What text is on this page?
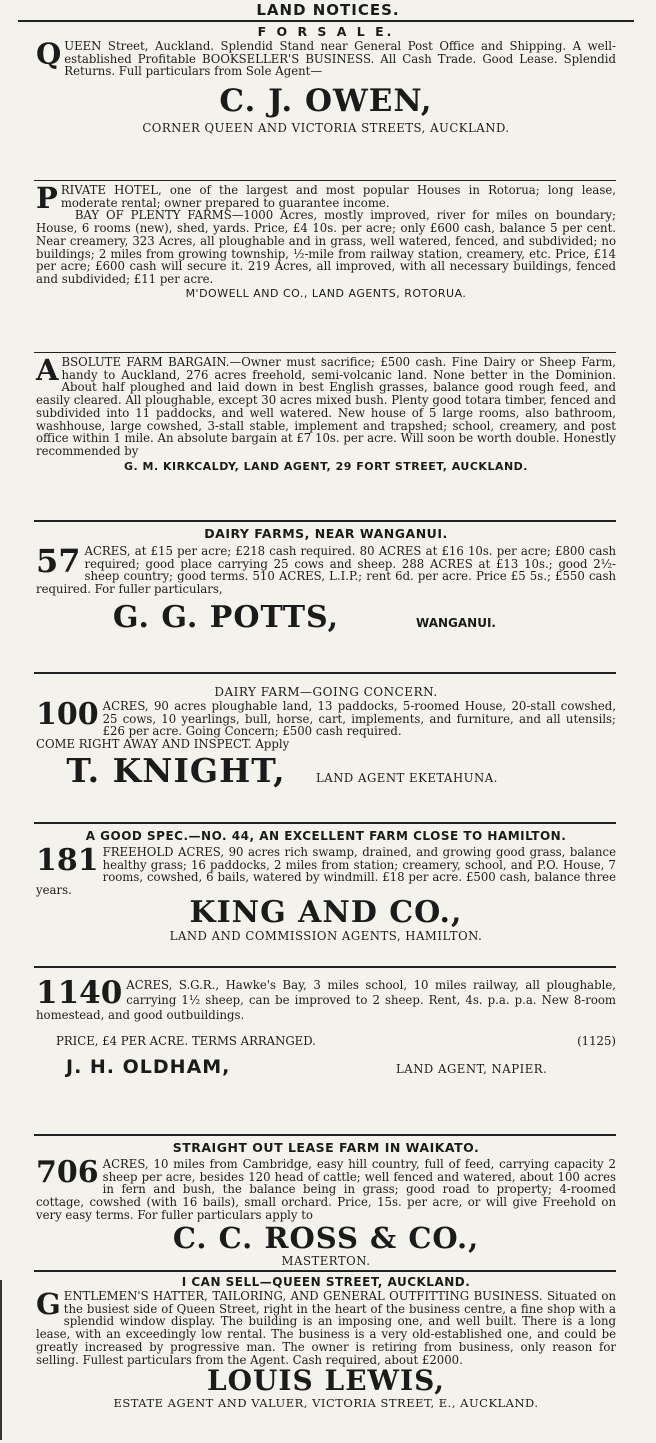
LAND NOTICES.
F O R S A L E.
QUEEN Street, Auckland. Splendid Stand near General Post Office and Shipping. A well-established Profitable BOOKSELLER'S BUSINESS. All Cash Trade. Good Lease. Splendid Returns. Full particulars from Sole Agent—
C. J. OWEN,
CORNER QUEEN AND VICTORIA STREETS, AUCKLAND.
PRIVATE HOTEL, one of the largest and most popular Houses in Rotorua; long lease, moderate rental; owner prepared to guarantee income.
BAY OF PLENTY FARMS—1000 Acres, mostly improved, river for miles on boundary; House, 6 rooms (new), shed, yards. Price, £4 10s. per acre; only £600 cash, balance 5 per cent. Near creamery, 323 Acres, all ploughable and in grass, well watered, fenced, and subdivided; no buildings; 2 miles from growing township, ½-mile from railway station, creamery, etc. Price, £14 per acre; £600 cash will secure it. 219 Acres, all improved, with all necessary buildings, fenced and subdivided; £11 per acre.
M'DOWELL AND CO., LAND AGENTS, ROTORUA.
ABSOLUTE FARM BARGAIN.—Owner must sacrifice; £500 cash. Fine Dairy or Sheep Farm, handy to Auckland, 276 acres freehold, semi-volcanic land. None better in the Dominion. About half ploughed and laid down in best English grasses, balance good rough feed, and easily cleared. All ploughable, except 30 acres mixed bush. Plenty good totara timber, fenced and subdivided into 11 paddocks, and well watered. New house of 5 large rooms, also bathroom, washhouse, large cowshed, 3-stall stable, implement and trapshed; school, creamery, and post office within 1 mile. An absolute bargain at £7 10s. per acre. Will soon be worth double. Honestly recommended by
G. M. KIRKCALDY, LAND AGENT, 29 FORT STREET, AUCKLAND.
DAIRY FARMS, NEAR WANGANUI.
57 ACRES, at £15 per acre; £218 cash required. 80 ACRES at £16 10s. per acre; £800 cash required; good place carrying 25 cows and sheep. 288 ACRES at £13 10s.; good 2½-sheep country; good terms. 510 ACRES, L.I.P.; rent 6d. per acre. Price £5 5s.; £550 cash required. For fuller particulars,
G. G. POTTS,	WANGANUI.
DAIRY FARM—GOING CONCERN.
100 ACRES, 90 acres ploughable land, 13 paddocks, 5-roomed House, 20-stall cowshed, 25 cows, 10 yearlings, bull, horse, cart, implements, and furniture, and all utensils; £26 per acre. Going Concern; £500 cash required.
COME RIGHT AWAY AND INSPECT. Apply
T. KNIGHT,	LAND AGENT EKETAHUNA.
A GOOD SPEC.—NO. 44, AN EXCELLENT FARM CLOSE TO HAMILTON.
181 FREEHOLD ACRES, 90 acres rich swamp, drained, and growing good grass, balance healthy grass; 16 paddocks, 2 miles from station; creamery, school, and P.O. House, 7 rooms, cowshed, 6 bails, watered by windmill. £18 per acre. £500 cash, balance three years.
KING AND CO.,
LAND AND COMMISSION AGENTS, HAMILTON.
1140 ACRES, S.G.R., Hawke's Bay, 3 miles school, 10 miles railway, all ploughable, carrying 1½ sheep, can be improved to 2 sheep. Rent, 4s. p.a. p.a. New 8-room homestead, and good outbuildings.
PRICE, £4 PER ACRE. TERMS ARRANGED.	(1125)
J. H. OLDHAM,	LAND AGENT, NAPIER.
STRAIGHT OUT LEASE FARM IN WAIKATO.
706 ACRES, 10 miles from Cambridge, easy hill country, full of feed, carrying capacity 2 sheep per acre, besides 120 head of cattle; well fenced and watered, about 100 acres in fern and bush, the balance being in grass; good road to property; 4-roomed cottage, cowshed (with 16 bails), small orchard. Price, 15s. per acre, or will give Freehold on very easy terms. For fuller particulars apply to
C. C. ROSS & CO.,
MASTERTON.
I CAN SELL—QUEEN STREET, AUCKLAND.
GENTLEMEN'S HATTER, TAILORING, AND GENERAL OUTFITTING BUSINESS. Situated on the busiest side of Queen Street, right in the heart of the business centre, a fine shop with a splendid window display. The building is an imposing one, and well built. There is a long lease, with an exceedingly low rental. The business is a very old-established one, and could be greatly increased by progressive man. The owner is retiring from business, only reason for selling. Fullest particulars from the Agent. Cash required, about £2000.
LOUIS LEWIS,
ESTATE AGENT AND VALUER, VICTORIA STREET, E., AUCKLAND.
